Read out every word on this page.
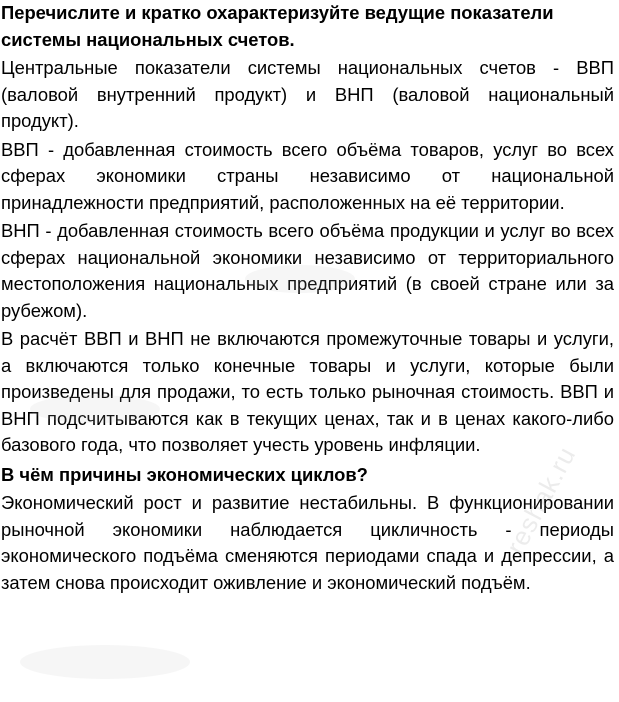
Перечислите и кратко охарактеризуйте ведущие показатели
системы национальных счетов.

Центральные показатели системы национальных счетов - ВВП (валовой внутренний продукт) и ВНП (валовой национальный продукт).

ВВП - добавленная стоимость всего объёма товаров, услуг во всех сферах экономики страны независимо от национальной принадлежности предприятий, расположенных на её территории.

ВНП - добавленная стоимость всего объёма продукции и услуг во всех сферах национальной экономики независимо от территориального местоположения национальных предприятий (в своей стране или за рубежом).

В расчёт ВВП и ВНП не включаются промежуточные товары и услуги, а включаются только конечные товары и услуги, которые были произведены для продажи, то есть только рыночная стоимость. ВВП и ВНП подсчитываются как в текущих ценах, так и в ценах какого-либо базового года, что позволяет учесть уровень инфляции.

В чём причины экономических циклов?

Экономический рост и развитие нестабильны. В функционировании рыночной экономики наблюдается цикличность - периоды экономического подъёма сменяются периодами спада и депрессии, а затем снова происходит оживление и экономический подъём.

reshak.ru
